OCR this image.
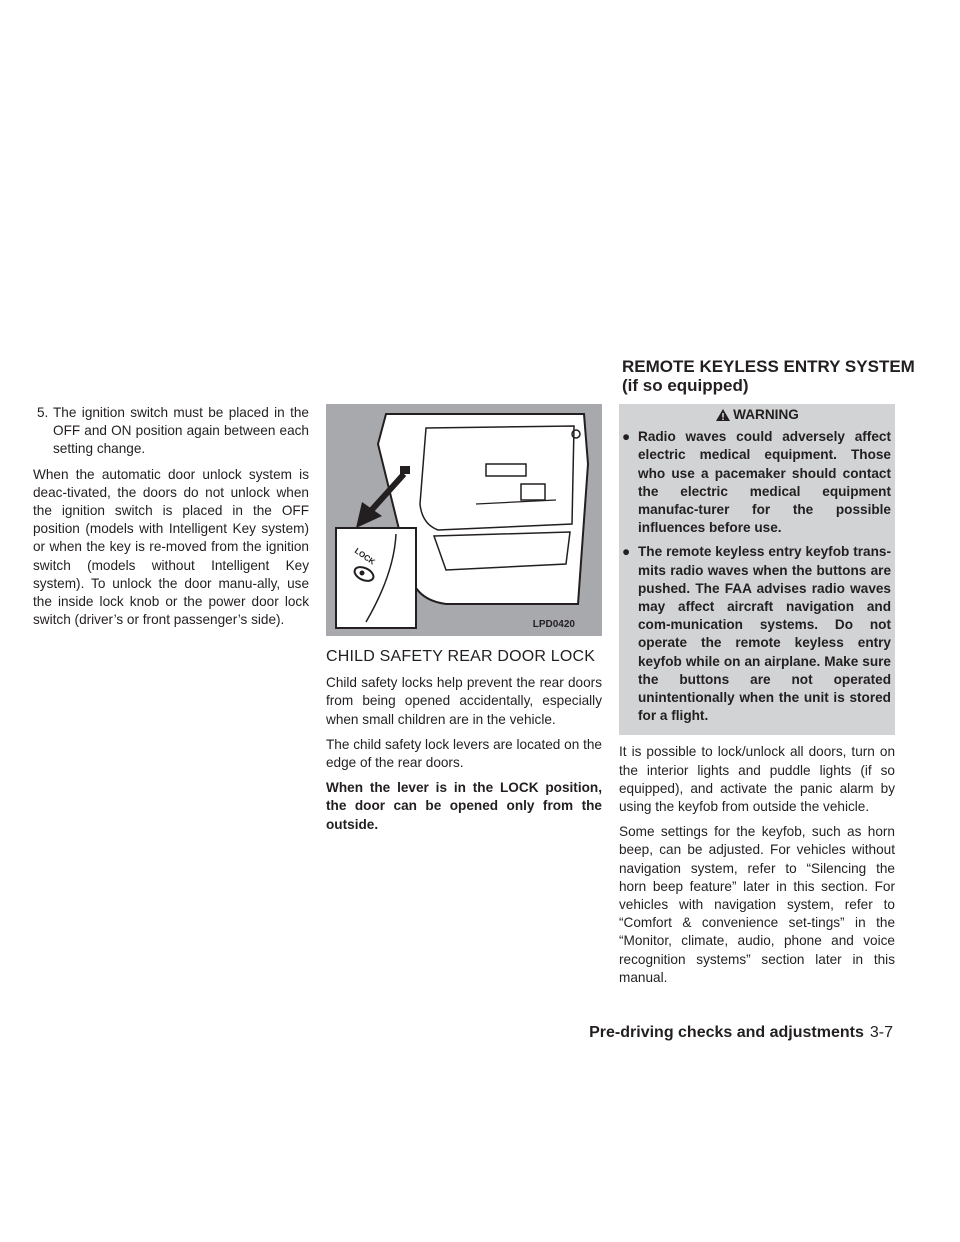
REMOTE KEYLESS ENTRY SYSTEM
(if so equipped)
5. The ignition switch must be placed in the OFF and ON position again between each setting change.

When the automatic door unlock system is deac-tivated, the doors do not unlock when the ignition switch is placed in the OFF position (models with Intelligent Key system) or when the key is re-moved from the ignition switch (models without Intelligent Key system). To unlock the door manu-ally, use the inside lock knob or the power door lock switch (driver’s or front passenger’s side).

LOCK
LPD0420
CHILD SAFETY REAR DOOR LOCK

Child safety locks help prevent the rear doors from being opened accidentally, especially when small children are in the vehicle.

The child safety lock levers are located on the edge of the rear doors.

When the lever is in the LOCK position, the door can be opened only from the outside.

WARNING
● Radio waves could adversely affect electric medical equipment. Those who use a pacemaker should contact the electric medical equipment manufac-turer for the possible influences before use.
● The remote keyless entry keyfob trans-mits radio waves when the buttons are pushed. The FAA advises radio waves may affect aircraft navigation and com-munication systems. Do not operate the remote keyless entry keyfob while on an airplane. Make sure the buttons are not operated unintentionally when the unit is stored for a flight.

It is possible to lock/unlock all doors, turn on the interior lights and puddle lights (if so equipped), and activate the panic alarm by using the keyfob from outside the vehicle.

Some settings for the keyfob, such as horn beep, can be adjusted. For vehicles without navigation system, refer to “Silencing the horn beep feature” later in this section. For vehicles with navigation system, refer to “Comfort & convenience set-tings” in the “Monitor, climate, audio, phone and voice recognition systems” section later in this manual.

Pre-driving checks and adjustments 3-7
